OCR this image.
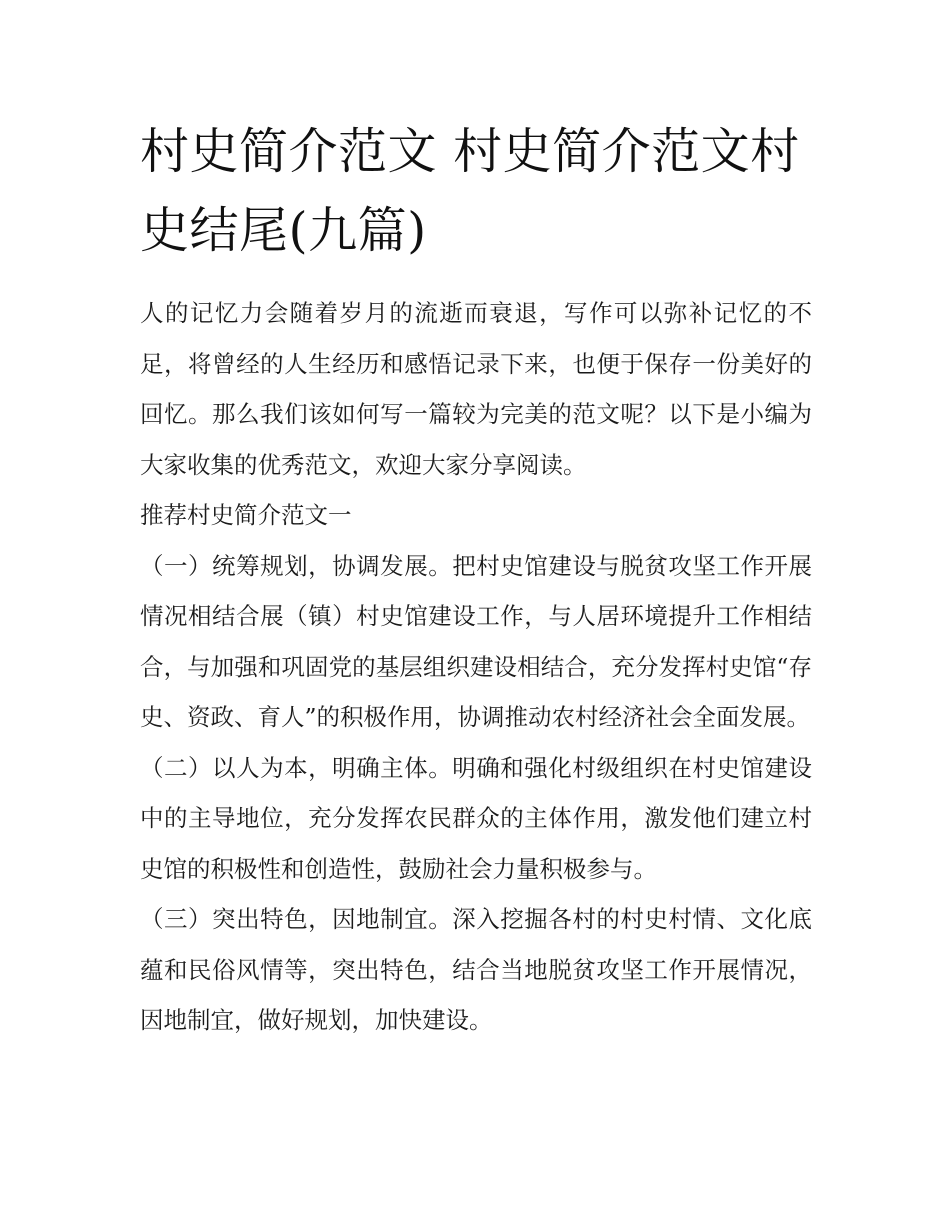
村史简介范文 村史简介范文村史结尾(九篇)

人的记忆力会随着岁月的流逝而衰退，写作可以弥补记忆的不足，将曾经的人生经历和感悟记录下来，也便于保存一份美好的回忆。那么我们该如何写一篇较为完美的范文呢？以下是小编为大家收集的优秀范文，欢迎大家分享阅读。

推荐村史简介范文一

（一）统筹规划，协调发展。把村史馆建设与脱贫攻坚工作开展情况相结合展（镇）村史馆建设工作，与人居环境提升工作相结合，与加强和巩固党的基层组织建设相结合，充分发挥村史馆“存史、资政、育人”的积极作用，协调推动农村经济社会全面发展。

（二）以人为本，明确主体。明确和强化村级组织在村史馆建设中的主导地位，充分发挥农民群众的主体作用，激发他们建立村史馆的积极性和创造性，鼓励社会力量积极参与。

（三）突出特色，因地制宜。深入挖掘各村的村史村情、文化底蕴和民俗风情等，突出特色，结合当地脱贫攻坚工作开展情况，因地制宜，做好规划，加快建设。
